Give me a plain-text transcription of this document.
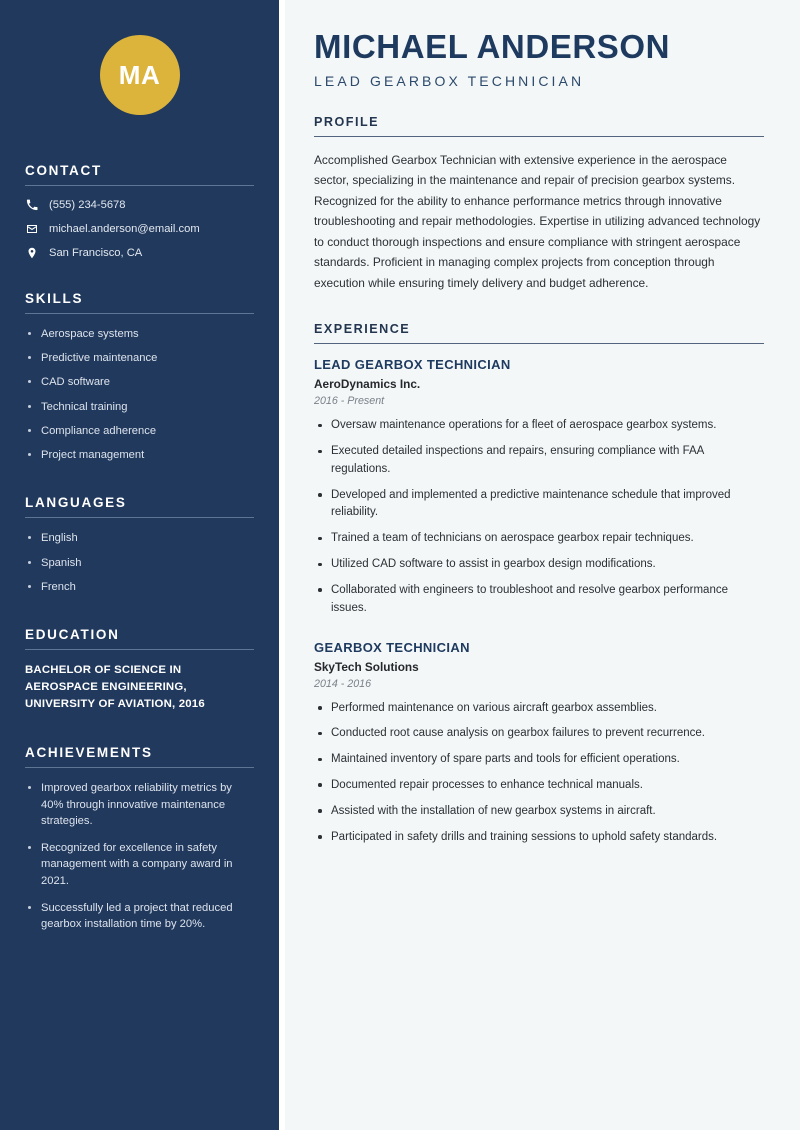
MA
CONTACT
(555) 234-5678
michael.anderson@email.com
San Francisco, CA
SKILLS
Aerospace systems
Predictive maintenance
CAD software
Technical training
Compliance adherence
Project management
LANGUAGES
English
Spanish
French
EDUCATION
BACHELOR OF SCIENCE IN AEROSPACE ENGINEERING, UNIVERSITY OF AVIATION, 2016
ACHIEVEMENTS
Improved gearbox reliability metrics by 40% through innovative maintenance strategies.
Recognized for excellence in safety management with a company award in 2021.
Successfully led a project that reduced gearbox installation time by 20%.
MICHAEL ANDERSON
LEAD GEARBOX TECHNICIAN
PROFILE

Accomplished Gearbox Technician with extensive experience in the aerospace sector, specializing in the maintenance and repair of precision gearbox systems. Recognized for the ability to enhance performance metrics through innovative troubleshooting and repair methodologies. Expertise in utilizing advanced technology to conduct thorough inspections and ensure compliance with stringent aerospace standards. Proficient in managing complex projects from conception through execution while ensuring timely delivery and budget adherence.

EXPERIENCE
LEAD GEARBOX TECHNICIAN
AeroDynamics Inc.
2016 - Present
Oversaw maintenance operations for a fleet of aerospace gearbox systems.
Executed detailed inspections and repairs, ensuring compliance with FAA regulations.
Developed and implemented a predictive maintenance schedule that improved reliability.
Trained a team of technicians on aerospace gearbox repair techniques.
Utilized CAD software to assist in gearbox design modifications.
Collaborated with engineers to troubleshoot and resolve gearbox performance issues.
GEARBOX TECHNICIAN
SkyTech Solutions
2014 - 2016
Performed maintenance on various aircraft gearbox assemblies.
Conducted root cause analysis on gearbox failures to prevent recurrence.
Maintained inventory of spare parts and tools for efficient operations.
Documented repair processes to enhance technical manuals.
Assisted with the installation of new gearbox systems in aircraft.
Participated in safety drills and training sessions to uphold safety standards.
